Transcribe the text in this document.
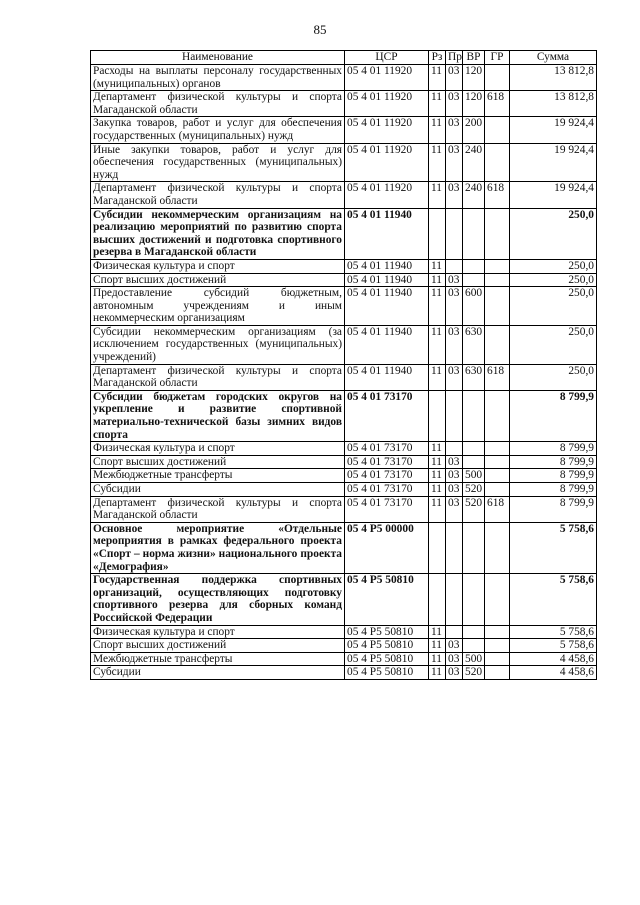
85
Наименование	ЦСР	Рз	Пр	ВР	ГР	Сумма
Расходы на выплаты персоналу государственных (муниципальных) органов	05 4 01 11920	11	03	120		13 812,8
Департамент физической культуры и спорта Магаданской области	05 4 01 11920	11	03	120	618	13 812,8
Закупка товаров, работ и услуг для обеспечения государственных (муниципальных) нужд	05 4 01 11920	11	03	200		19 924,4
Иные закупки товаров, работ и услуг для обеспечения государственных (муниципальных) нужд	05 4 01 11920	11	03	240		19 924,4
Департамент физической культуры и спорта Магаданской области	05 4 01 11920	11	03	240	618	19 924,4
Субсидии некоммерческим организациям на реализацию мероприятий по развитию спорта высших достижений и подготовка спортивного резерва в Магаданской области	05 4 01 11940					250,0
Физическая культура и спорт	05 4 01 11940	11				250,0
Спорт высших достижений	05 4 01 11940	11	03			250,0
Предоставление субсидий бюджетным, автономным учреждениям и иным некоммерческим организациям	05 4 01 11940	11	03	600		250,0
Субсидии некоммерческим организациям (за исключением государственных (муниципальных) учреждений)	05 4 01 11940	11	03	630		250,0
Департамент физической культуры и спорта Магаданской области	05 4 01 11940	11	03	630	618	250,0
Субсидии бюджетам городских округов на укрепление и развитие спортивной материально-технической базы зимних видов спорта	05 4 01 73170					8 799,9
Физическая культура и спорт	05 4 01 73170	11				8 799,9
Спорт высших достижений	05 4 01 73170	11	03			8 799,9
Межбюджетные трансферты	05 4 01 73170	11	03	500		8 799,9
Субсидии	05 4 01 73170	11	03	520		8 799,9
Департамент физической культуры и спорта Магаданской области	05 4 01 73170	11	03	520	618	8 799,9
Основное мероприятие «Отдельные мероприятия в рамках федерального проекта «Спорт – норма жизни» национального проекта «Демография»	05 4 P5 00000					5 758,6
Государственная поддержка спортивных организаций, осуществляющих подготовку спортивного резерва для сборных команд Российской Федерации	05 4 P5 50810					5 758,6
Физическая культура и спорт	05 4 P5 50810	11				5 758,6
Спорт высших достижений	05 4 P5 50810	11	03			5 758,6
Межбюджетные трансферты	05 4 P5 50810	11	03	500		4 458,6
Субсидии	05 4 P5 50810	11	03	520		4 458,6
